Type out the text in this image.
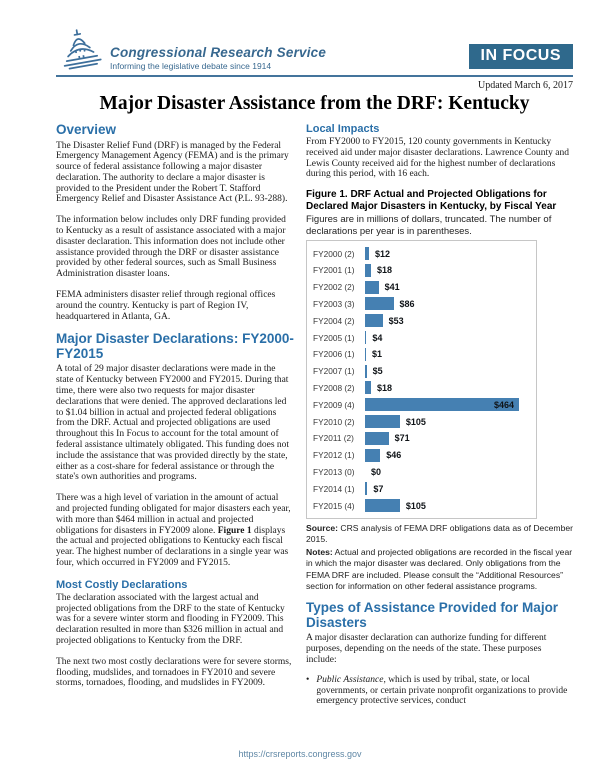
Congressional Research Service
Informing the legislative debate since 1914
IN FOCUS
Updated March 6, 2017
Major Disaster Assistance from the DRF: Kentucky
Overview

The Disaster Relief Fund (DRF) is managed by the Federal Emergency Management Agency (FEMA) and is the primary source of federal assistance following a major disaster declaration. The authority to declare a major disaster is provided to the President under the Robert T. Stafford Emergency Relief and Disaster Assistance Act (P.L. 93-288).

The information below includes only DRF funding provided to Kentucky as a result of assistance associated with a major disaster declaration. This information does not include other assistance provided through the DRF or disaster assistance provided by other federal sources, such as Small Business Administration disaster loans.

FEMA administers disaster relief through regional offices around the country. Kentucky is part of Region IV, headquartered in Atlanta, GA.

Major Disaster Declarations: FY2000-FY2015

A total of 29 major disaster declarations were made in the state of Kentucky between FY2000 and FY2015. During that time, there were also two requests for major disaster declarations that were denied. The approved declarations led to $1.04 billion in actual and projected federal obligations from the DRF. Actual and projected obligations are used throughout this In Focus to account for the total amount of federal assistance ultimately obligated. This funding does not include the assistance that was provided directly by the state, either as a cost-share for federal assistance or through the state's own authorities and programs.

There was a high level of variation in the amount of actual and projected funding obligated for major disasters each year, with more than $464 million in actual and projected obligations for disasters in FY2009 alone. Figure 1 displays the actual and projected obligations to Kentucky each fiscal year. The highest number of declarations in a single year was four, which occurred in FY2009 and FY2015.

Most Costly Declarations

The declaration associated with the largest actual and projected obligations from the DRF to the state of Kentucky was for a severe winter storm and flooding in FY2009. This declaration resulted in more than $326 million in actual and projected obligations to Kentucky from the DRF.

The next two most costly declarations were for severe storms, flooding, mudslides, and tornadoes in FY2010 and severe storms, tornadoes, flooding, and mudslides in FY2009.

Local Impacts

From FY2000 to FY2015, 120 county governments in Kentucky received aid under major disaster declarations. Lawrence County and Lewis County received aid for the highest number of declarations during this period, with 16 each.

Figure 1. DRF Actual and Projected Obligations for Declared Major Disasters in Kentucky, by Fiscal Year

Figures are in millions of dollars, truncated. The number of declarations per year is in parentheses.

FY2000 (2)	$12
FY2001 (1)	$18
FY2002 (2)	$41
FY2003 (3)	$86
FY2004 (2)	$53
FY2005 (1)	$4
FY2006 (1)	$1
FY2007 (1)	$5
FY2008 (2)	$18
FY2009 (4)	$464
FY2010 (2)	$105
FY2011 (2)	$71
FY2012 (1)	$46
FY2013 (0)	$0
FY2014 (1)	$7
FY2015 (4)	$105

Source: CRS analysis of FEMA DRF obligations data as of December 2015.

Notes: Actual and projected obligations are recorded in the fiscal year in which the major disaster was declared. Only obligations from the FEMA DRF are included. Please consult the “Additional Resources” section for information on other federal assistance programs.

Types of Assistance Provided for Major Disasters

A major disaster declaration can authorize funding for different purposes, depending on the needs of the state. These purposes include:

• Public Assistance, which is used by tribal, state, or local governments, or certain private nonprofit organizations to provide emergency protective services, conduct

https://crsreports.congress.gov
